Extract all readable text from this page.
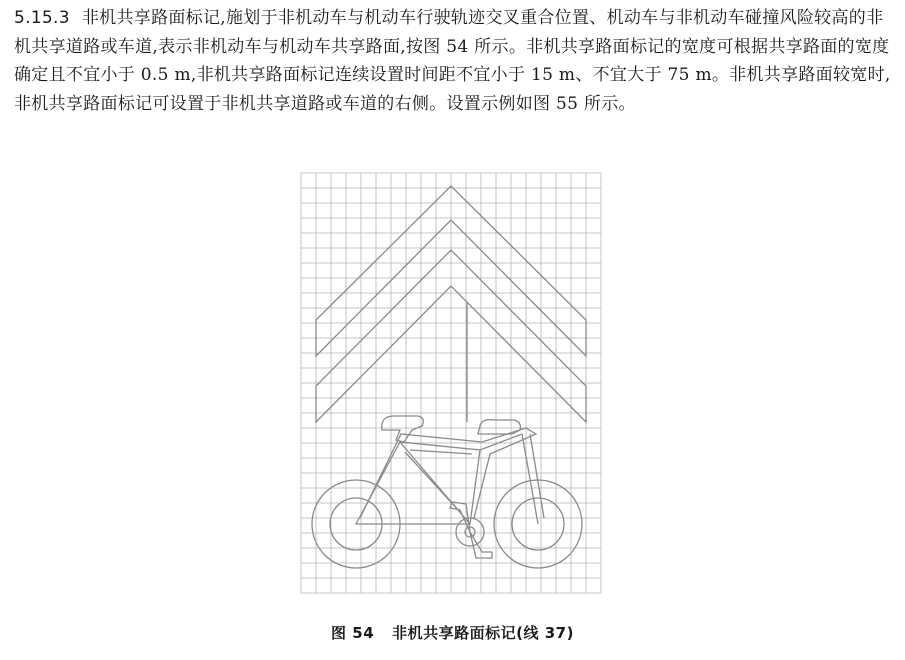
5.15.3 非机共享路面标记,施划于非机动车与机动车行驶轨迹交叉重合位置、机动车与非机动车碰撞风险较高的非机共享道路或车道,表示非机动车与机动车共享路面,按图 54 所示。非机共享路面标记的宽度可根据共享路面的宽度确定且不宜小于 0.5 m,非机共享路面标记连续设置时间距不宜小于 15 m、不宜大于 75 m。非机共享路面较宽时,非机共享路面标记可设置于非机共享道路或车道的右侧。设置示例如图 55 所示。

图 54 非机共享路面标记(线 37)
